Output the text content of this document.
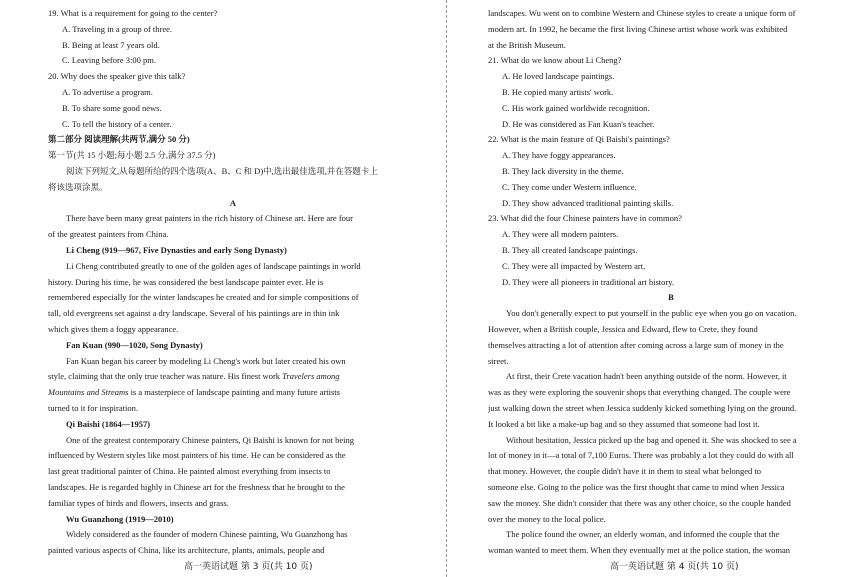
19. What is a requirement for going to the center?
A. Traveling in a group of three.
B. Being at least 7 years old.
C. Leaving before 3:00 pm.
20. Why does the speaker give this talk?
A. To advertise a program.
B. To share some good news.
C. To tell the history of a center.
第二部分 阅读理解(共两节,满分 50 分)
第一节(共 15 小题;每小题 2.5 分,满分 37.5 分)
阅读下列短文,从每题所给的四个选项(A、B、C 和 D)中,选出最佳选项,并在答题卡上
将该选项涂黑。
A
There have been many great painters in the rich history of Chinese art. Here are four
of the greatest painters from China.
Li Cheng (919—967, Five Dynasties and early Song Dynasty)
Li Cheng contributed greatly to one of the golden ages of landscape paintings in world
history. During his time, he was considered the best landscape painter ever. He is
remembered especially for the winter landscapes he created and for simple compositions of
tall, old evergreens set against a dry landscape. Several of his paintings are in thin ink
which gives them a foggy appearance.
Fan Kuan (990—1020, Song Dynasty)
Fan Kuan began his career by modeling Li Cheng's work but later created his own
style, claiming that the only true teacher was nature. His finest work Travelers among
Mountains and Streams is a masterpiece of landscape painting and many future artists
turned to it for inspiration.
Qi Baishi (1864—1957)
One of the greatest contemporary Chinese painters, Qi Baishi is known for not being
influenced by Western styles like most painters of his time. He can be considered as the
last great traditional painter of China. He painted almost everything from insects to
landscapes. He is regarded highly in Chinese art for the freshness that he brought to the
familiar types of birds and flowers, insects and grass.
Wu Guanzhong (1919—2010)
Widely considered as the founder of modern Chinese painting, Wu Guanzhong has
painted various aspects of China, like its architecture, plants, animals, people and
landscapes. Wu went on to combine Western and Chinese styles to create a unique form of
modern art. In 1992, he became the first living Chinese artist whose work was exhibited
at the British Museum.
21. What do we know about Li Cheng?
A. He loved landscape paintings.
B. He copied many artists' work.
C. His work gained worldwide recognition.
D. He was considered as Fan Kuan's teacher.
22. What is the main feature of Qi Baishi's paintings?
A. They have foggy appearances.
B. They lack diversity in the theme.
C. They come under Western influence.
D. They show advanced traditional painting skills.
23. What did the four Chinese painters have in common?
A. They were all modern painters.
B. They all created landscape paintings.
C. They were all impacted by Western art.
D. They were all pioneers in traditional art history.
B
You don't generally expect to put yourself in the public eye when you go on vacation.
However, when a British couple, Jessica and Edward, flew to Crete, they found
themselves attracting a lot of attention after coming across a large sum of money in the
street.
At first, their Crete vacation hadn't been anything outside of the norm. However, it
was as they were exploring the souvenir shops that everything changed. The couple were
just walking down the street when Jessica suddenly kicked something lying on the ground.
It looked a bit like a make-up bag and so they assumed that someone had lost it.
Without hesitation, Jessica picked up the bag and opened it. She was shocked to see a
lot of money in it—a total of 7,100 Euros. There was probably a lot they could do with all
that money. However, the couple didn't have it in them to steal what belonged to
someone else. Going to the police was the first thought that came to mind when Jessica
saw the money. She didn't consider that there was any other choice, so the couple handed
over the money to the local police.
The police found the owner, an elderly woman, and informed the couple that the
woman wanted to meet them. When they eventually met at the police station, the woman
高一英语试题 第 3 页(共 10 页)	高一英语试题 第 4 页(共 10 页)
